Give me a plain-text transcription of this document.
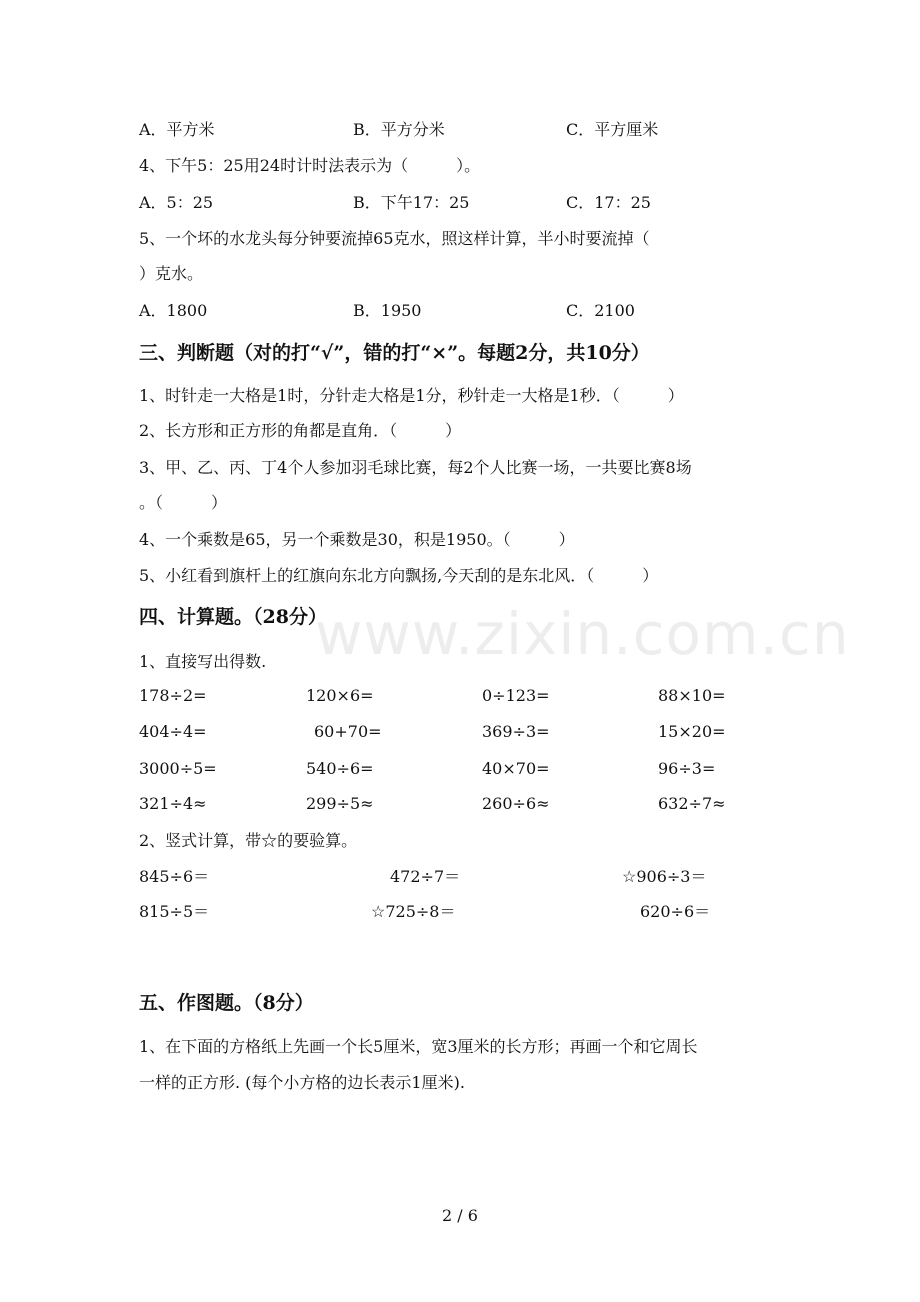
www.zixin.com.cn
A．平方米	B．平方分米	C．平方厘米
4、下午5：25用24时计时法表示为（　　　）。
A．5：25	B．下午17：25	C．17：25
5、一个坏的水龙头每分钟要流掉65克水，照这样计算，半小时要流掉（
）克水。
A．1800	B．1950	C．2100
三、判断题（对的打“√”，错的打“×”。每题2分，共10分）
1、时针走一大格是1时，分针走大格是1分，秒针走一大格是1秒．（　　　）
2、长方形和正方形的角都是直角．（　　　）
3、甲、乙、丙、丁4个人参加羽毛球比赛，每2个人比赛一场，一共要比赛8场
。（　　　）
4、一个乘数是65，另一个乘数是30，积是1950。（　　　）
5、小红看到旗杆上的红旗向东北方向飘扬,今天刮的是东北风．（　　　）
四、计算题。（28分）
1、直接写出得数.
178÷2=	120×6=	0÷123=	88×10=
404÷4=	60+70=	369÷3=	15×20=
3000÷5=	540÷6=	40×70=	96÷3=
321÷4≈	299÷5≈	260÷6≈	632÷7≈
2、竖式计算，带☆的要验算。
845÷6＝	472÷7＝	☆906÷3＝
815÷5＝	☆725÷8＝	620÷6＝
五、作图题。（8分）
1、在下面的方格纸上先画一个长5厘米，宽3厘米的长方形；再画一个和它周长
一样的正方形. (每个小方格的边长表示1厘米).
2 / 6
